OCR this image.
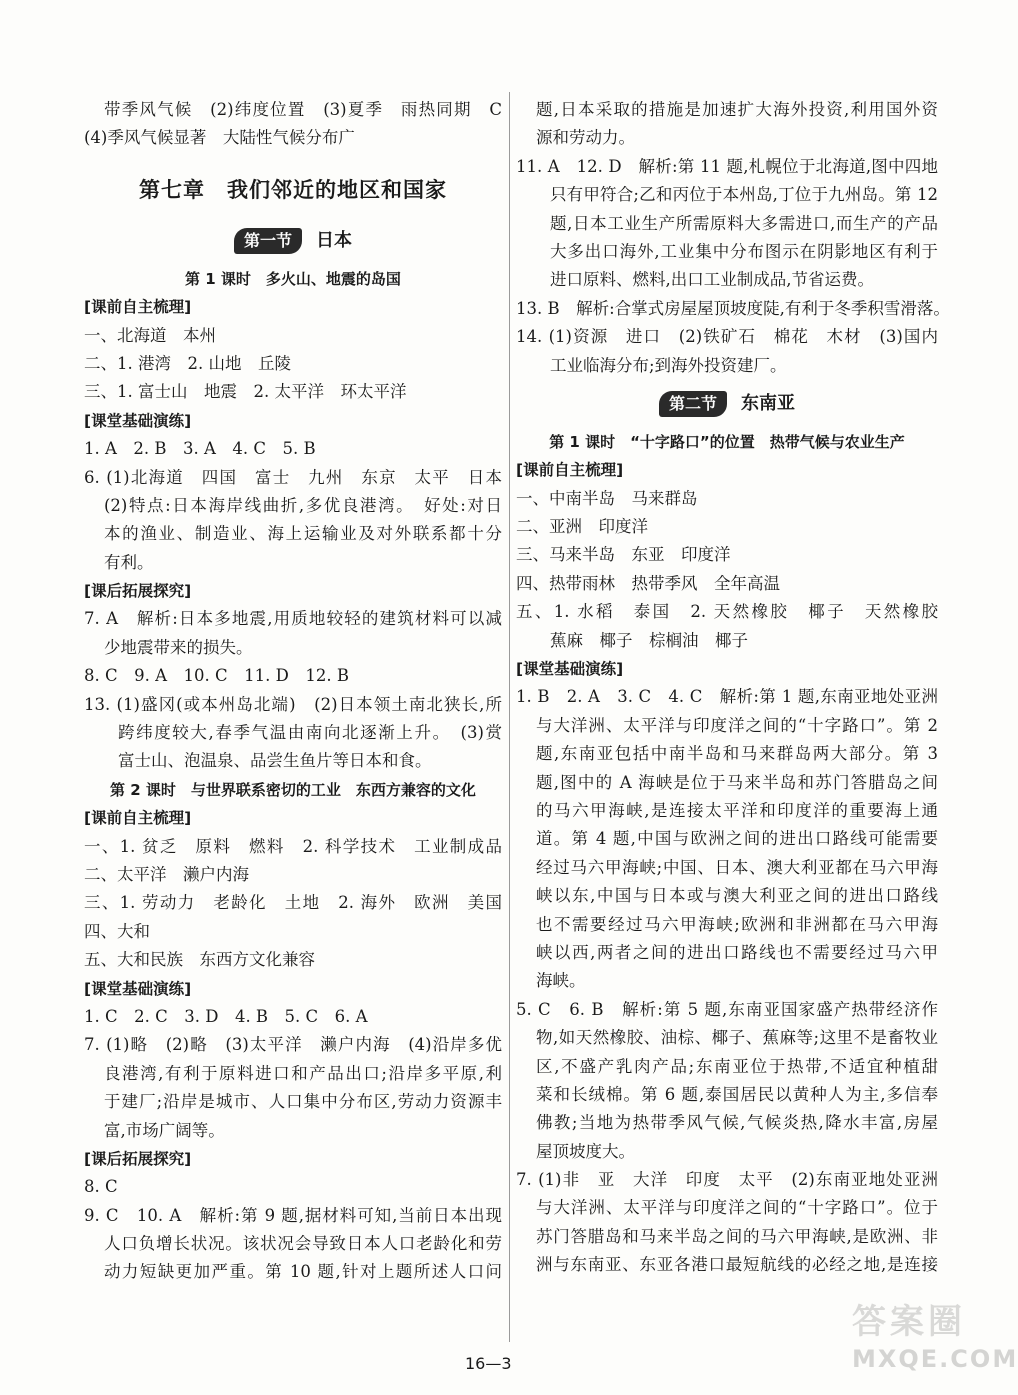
带季风气候　(2)纬度位置　(3)夏季　雨热同期　C
(4)季风气候显著　大陆性气候分布广
第七章　我们邻近的地区和国家
第一节 日本
第 1 课时　多火山、地震的岛国
[课前自主梳理]
一、北海道　本州
二、1. 港湾　2. 山地　丘陵
三、1. 富士山　地震　2. 太平洋　环太平洋
[课堂基础演练]
1. A　2. B　3. A　4. C　5. B
6. (1)北海道　四国　富士　九州　东京　太平　日本
(2)特点:日本海岸线曲折,多优良港湾。　好处:对日
本的渔业、制造业、海上运输业及对外联系都十分
有利。
[课后拓展探究]
7. A　解析:日本多地震,用质地较轻的建筑材料可以减
少地震带来的损失。
8. C　9. A　10. C　11. D　12. B
13. (1)盛冈(或本州岛北端)　(2)日本领土南北狭长,所
跨纬度较大,春季气温由南向北逐渐上升。　(3)赏
富士山、泡温泉、品尝生鱼片等日本和食。
第 2 课时　与世界联系密切的工业　东西方兼容的文化
[课前自主梳理]
一、1. 贫乏　原料　燃料　2. 科学技术　工业制成品
二、太平洋　濑户内海
三、1. 劳动力　老龄化　土地　2. 海外　欧洲　美国
四、大和
五、大和民族　东西方文化兼容
[课堂基础演练]
1. C　2. C　3. D　4. B　5. C　6. A
7. (1)略　(2)略　(3)太平洋　濑户内海　(4)沿岸多优
良港湾,有利于原料进口和产品出口;沿岸多平原,利
于建厂;沿岸是城市、人口集中分布区,劳动力资源丰
富,市场广阔等。
[课后拓展探究]
8. C
9. C　10. A　解析:第 9 题,据材料可知,当前日本出现
人口负增长状况。该状况会导致日本人口老龄化和劳
动力短缺更加严重。第 10 题,针对上题所述人口问
题,日本采取的措施是加速扩大海外投资,利用国外资
源和劳动力。
11. A　12. D　解析:第 11 题,札幌位于北海道,图中四地
只有甲符合;乙和丙位于本州岛,丁位于九州岛。第 12
题,日本工业生产所需原料大多需进口,而生产的产品
大多出口海外,工业集中分布图示在阴影地区有利于
进口原料、燃料,出口工业制成品,节省运费。
13. B　解析:合掌式房屋屋顶坡度陡,有利于冬季积雪滑落。
14. (1)资源　进口　(2)铁矿石　棉花　木材　(3)国内
工业临海分布;到海外投资建厂。
第二节 东南亚
第 1 课时　“十字路口”的位置　热带气候与农业生产
[课前自主梳理]
一、中南半岛　马来群岛
二、亚洲　印度洋
三、马来半岛　东亚　印度洋
四、热带雨林　热带季风　全年高温
五、1. 水稻　泰国　2. 天然橡胶　椰子　天然橡胶
蕉麻　椰子　棕榈油　椰子
[课堂基础演练]
1. B　2. A　3. C　4. C　解析:第 1 题,东南亚地处亚洲
与大洋洲、太平洋与印度洋之间的“十字路口”。第 2
题,东南亚包括中南半岛和马来群岛两大部分。第 3
题,图中的 A 海峡是位于马来半岛和苏门答腊岛之间
的马六甲海峡,是连接太平洋和印度洋的重要海上通
道。第 4 题,中国与欧洲之间的进出口路线可能需要
经过马六甲海峡;中国、日本、澳大利亚都在马六甲海
峡以东,中国与日本或与澳大利亚之间的进出口路线
也不需要经过马六甲海峡;欧洲和非洲都在马六甲海
峡以西,两者之间的进出口路线也不需要经过马六甲
海峡。
5. C　6. B　解析:第 5 题,东南亚国家盛产热带经济作
物,如天然橡胶、油棕、椰子、蕉麻等;这里不是畜牧业
区,不盛产乳肉产品;东南亚位于热带,不适宜种植甜
菜和长绒棉。第 6 题,泰国居民以黄种人为主,多信奉
佛教;当地为热带季风气候,气候炎热,降水丰富,房屋
屋顶坡度大。
7. (1)非　亚　大洋　印度　太平　(2)东南亚地处亚洲
与大洋洲、太平洋与印度洋之间的“十字路口”。位于
苏门答腊岛和马来半岛之间的马六甲海峡,是欧洲、非
洲与东南亚、东亚各港口最短航线的必经之地,是连接
16—3
答案圈
MXQE.COM
